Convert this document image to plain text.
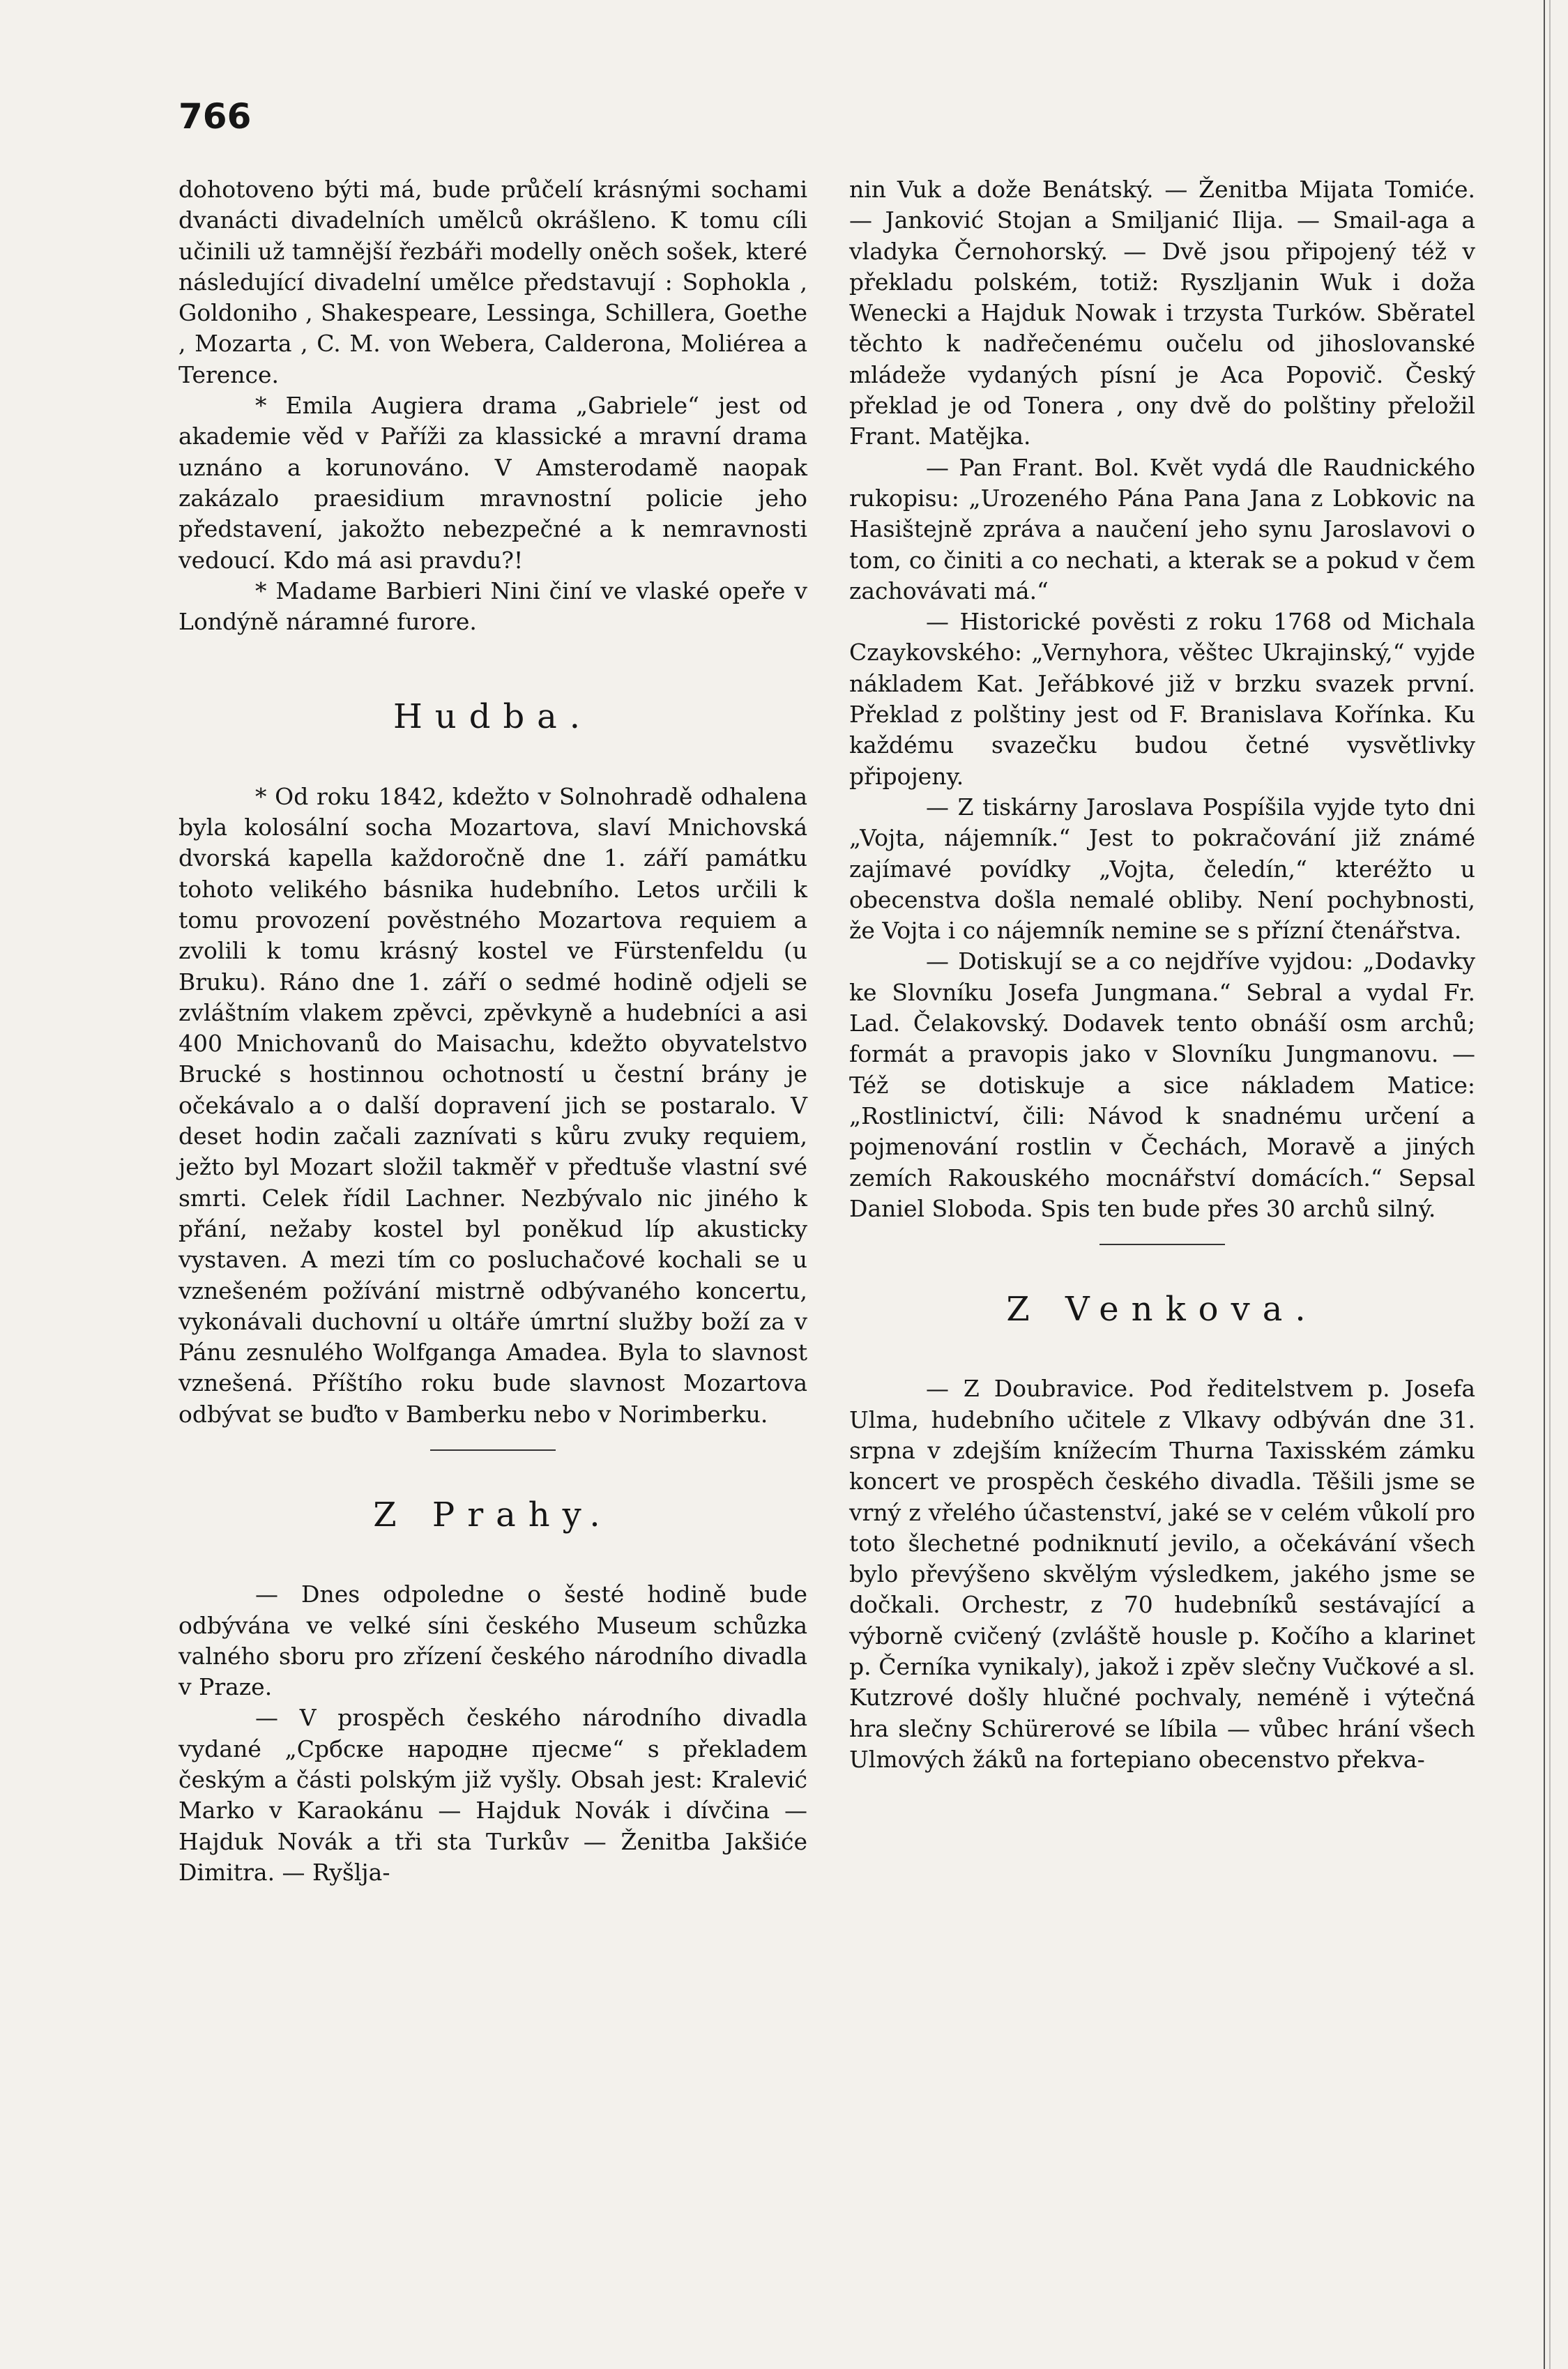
766

dohotoveno býti má, bude průčelí krásnými sochami dvanácti divadelních umělců okrášleno. K tomu cíli učinili už tamnější řezbáři modelly oněch sošek, které následující divadelní umělce představují : Sophokla , Goldoniho , Shakespeare, Lessinga, Schillera, Goethe , Mozarta , C. M. von Webera, Calderona, Moliérea a Terence.

* Emila Augiera drama „Gabriele“ jest od akademie věd v Paříži za klassické a mravní drama uznáno a korunováno. V Amsterodamě naopak zakázalo praesidium mravnostní policie jeho představení, jakožto nebezpečné a k nemravnosti vedoucí. Kdo má asi pravdu?!

* Madame Barbieri Nini činí ve vlaské opeře v Londýně náramné furore.

Hudba.

* Od roku 1842, kdežto v Solnohradě odhalena byla kolosální socha Mozartova, slaví Mnichovská dvorská kapella každoročně dne 1. září památku tohoto velikého básnika hudebního. Letos určili k tomu provození pověstného Mozartova requiem a zvolili k tomu krásný kostel ve Fürstenfeldu (u Bruku). Ráno dne 1. září o sedmé hodině odjeli se zvláštním vlakem zpěvci, zpěvkyně a hudebníci a asi 400 Mnichovanů do Maisachu, kdežto obyvatelstvo Brucké s hostinnou ochotností u čestní brány je očekávalo a o další dopravení jich se postaralo. V deset hodin začali zaznívati s kůru zvuky requiem, ježto byl Mozart složil takměř v předtuše vlastní své smrti. Celek řídil Lachner. Nezbývalo nic jiného k přání, nežaby kostel byl poněkud líp akusticky vystaven. A mezi tím co posluchačové kochali se u vznešeném požívání mistrně odbývaného koncertu, vykonávali duchovní u oltáře úmrtní služby boží za v Pánu zesnulého Wolfganga Amadea. Byla to slavnost vznešená. Příštího roku bude slavnost Mozartova odbývat se buďto v Bamberku nebo v Norimberku.

Z Prahy.

— Dnes odpoledne o šesté hodině bude odbývána ve velké síni českého Museum schůzka valného sboru pro zřízení českého národního divadla v Praze.

— V prospěch českého národního divadla vydané „Србске народне пјесме“ s překladem českým a části polským již vyšly. Obsah jest: Kralević Marko v Karaokánu — Hajduk Novák i dívčina — Hajduk Novák a tři sta Turkův — Ženitba Jakšiće Dimitra. — Ryšlja-

nin Vuk a dože Benátský. — Ženitba Mijata Tomiće. — Janković Stojan a Smiljanić Ilija. — Smail-aga a vladyka Černohorský. — Dvě jsou připojený též v překladu polském, totiž: Ryszljanin Wuk i doža Wenecki a Hajduk Nowak i trzysta Turków. Sběratel těchto k nadřečenému oučelu od jihoslovanské mládeže vydaných písní je Aca Popovič. Český překlad je od Tonera , ony dvě do polštiny přeložil Frant. Matějka.

— Pan Frant. Bol. Květ vydá dle Raudnického rukopisu: „Urozeného Pána Pana Jana z Lobkovic na Hasištejně zpráva a naučení jeho synu Jaroslavovi o tom, co činiti a co nechati, a kterak se a pokud v čem zachovávati má.“

— Historické pověsti z roku 1768 od Michala Czaykovského: „Vernyhora, věštec Ukrajinský,“ vyjde nákladem Kat. Jeřábkové již v brzku svazek první. Překlad z polštiny jest od F. Branislava Kořínka. Ku každému svazečku budou četné vysvětlivky připojeny.

— Z tiskárny Jaroslava Pospíšila vyjde tyto dni „Vojta, nájemník.“ Jest to pokračování již známé zajímavé povídky „Vojta, čeledín,“ kteréžto u obecenstva došla nemalé obliby. Není pochybnosti, že Vojta i co nájemník nemine se s přízní čtenářstva.

— Dotiskují se a co nejdříve vyjdou: „Dodavky ke Slovníku Josefa Jungmana.“ Sebral a vydal Fr. Lad. Čelakovský. Dodavek tento obnáší osm archů; formát a pravopis jako v Slovníku Jungmanovu. — Též se dotiskuje a sice nákladem Matice: „Rostlinictví, čili: Návod k snadnému určení a pojmenování rostlin v Čechách, Moravě a jiných zemích Rakouského mocnářství domácích.“ Sepsal Daniel Sloboda. Spis ten bude přes 30 archů silný.

Z Venkova.

— Z Doubravice. Pod ředitelstvem p. Josefa Ulma, hudebního učitele z Vlkavy odbýván dne 31. srpna v zdejším knížecím Thurna Taxisském zámku koncert ve prospěch českého divadla. Těšili jsme se vrný z vřelého účastenství, jaké se v celém vůkolí pro toto šlechetné podniknutí jevilo, a očekávání všech bylo převýšeno skvělým výsledkem, jakého jsme se dočkali. Orchestr, z 70 hudebníků sestávající a výborně cvičený (zvláště housle p. Kočího a klarinet p. Černíka vynikaly), jakož i zpěv slečny Vučkové a sl. Kutzrové došly hlučné pochvaly, neméně i výtečná hra slečny Schürerové se líbila — vůbec hrání všech Ulmových žáků na fortepiano obecenstvo překva-
